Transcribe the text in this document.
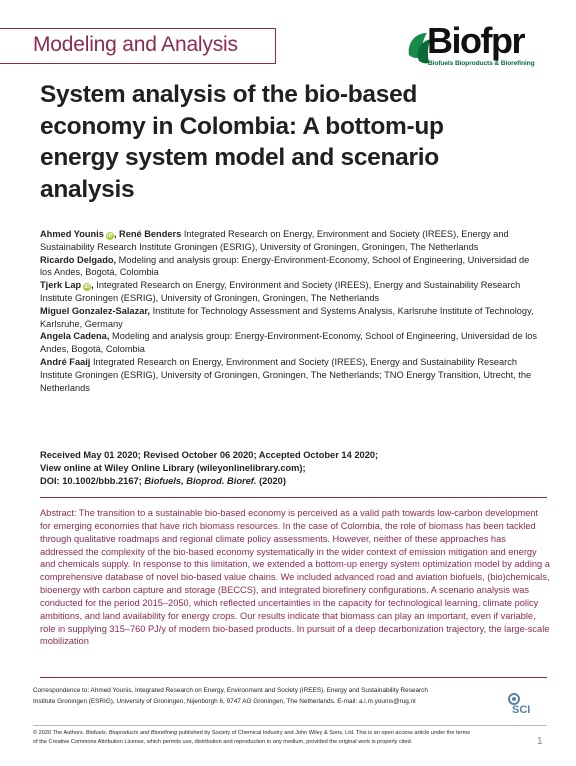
Modeling and Analysis	Biofpr
Biofuels Bioproducts & Biorefining
System analysis of the bio-based economy in Colombia: A bottom-up energy system model and scenario analysis

Ahmed Younis iD, René Benders Integrated Research on Energy, Environment and Society (IREES), Energy and Sustainability Research Institute Groningen (ESRIG), University of Groningen, Groningen, The Netherlands

Ricardo Delgado, Modeling and analysis group: Energy-Environment-Economy, School of Engineering, Universidad de los Andes, Bogotá, Colombia

Tjerk Lap iD, Integrated Research on Energy, Environment and Society (IREES), Energy and Sustainability Research Institute Groningen (ESRIG), University of Groningen, Groningen, The Netherlands

Miguel Gonzalez-Salazar, Institute for Technology Assessment and Systems Analysis, Karlsruhe Institute of Technology, Karlsruhe, Germany

Angela Cadena, Modeling and analysis group: Energy-Environment-Economy, School of Engineering, Universidad de los Andes, Bogotá, Colombia

André Faaij Integrated Research on Energy, Environment and Society (IREES), Energy and Sustainability Research Institute Groningen (ESRIG), University of Groningen, Groningen, The Netherlands; TNO Energy Transition, Utrecht, the Netherlands

Received May 01 2020; Revised October 06 2020; Accepted October 14 2020;

View online at Wiley Online Library (wileyonlinelibrary.com);

DOI: 10.1002/bbb.2167; Biofuels, Bioprod. Bioref. (2020)

Abstract: The transition to a sustainable bio-based economy is perceived as a valid path towards low-carbon development for emerging economies that have rich biomass resources. In the case of Colombia, the role of biomass has been tackled through qualitative roadmaps and regional climate policy assessments. However, neither of these approaches has addressed the complexity of the bio-based economy systematically in the wider context of emission mitigation and energy and chemicals supply. In response to this limitation, we extended a bottom-up energy system optimization model by adding a comprehensive database of novel bio-based value chains. We included advanced road and aviation biofuels, (bio)chemicals, bioenergy with carbon capture and storage (BECCS), and integrated biorefinery configurations. A scenario analysis was conducted for the period 2015–2050, which reflected uncertainties in the capacity for technological learning, climate policy ambitions, and land availability for energy crops. Our results indicate that biomass can play an important, even if variable, role in supplying 315–760 PJ/y of modern bio-based products. In pursuit of a deep decarbonization trajectory, the large-scale mobilization

Correspondence to: Ahmed Younis, Integrated Research on Energy, Environment and Society (IREES), Energy and Sustainability Research Institute Groningen (ESRIG), University of Groningen, Nijenborgh 6, 9747 AG Groningen, The Netherlands. E-mail: a.i.m.younis@rug.nl

SCI

© 2020 The Authors. Biofuels, Bioproducts and Biorefining published by Society of Chemical Industry and John Wiley & Sons, Ltd. This is an open access article under the terms of the Creative Commons Attribution License, which permits use, distribution and reproduction in any medium, provided the original work is properly cited.	1
